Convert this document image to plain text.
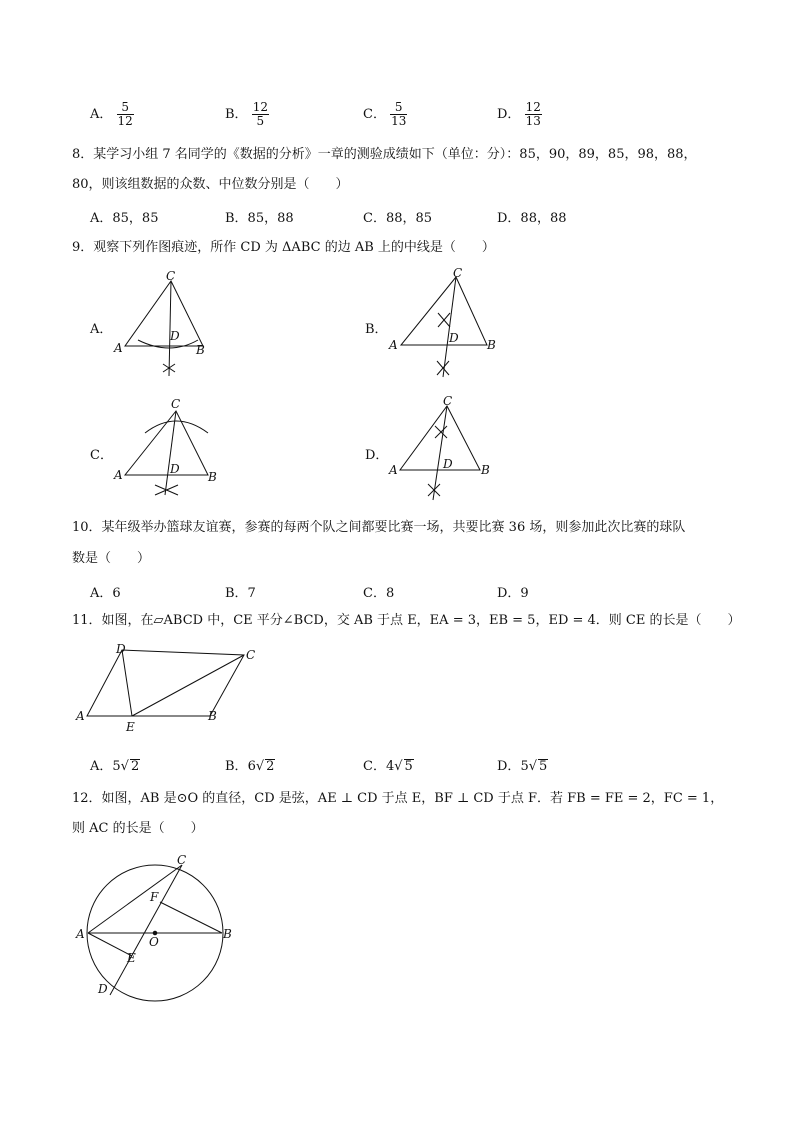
A． $\frac{5}{12}$	B． $\frac{12}{5}$	C． $\frac{5}{13}$	D． $\frac{12}{13}$
8．某学习小组 7 名同学的《数据的分析》一章的测验成绩如下（单位：分）：85，90，89，85，98，88，
80，则该组数据的众数、中位数分别是（　　）
A．85，85	B．85，88	C．88，85	D．88，88
9．观察下列作图痕迹，所作 CD 为 ΔABC 的边 AB 上的中线是（　　）
A．
A	B
C
D	B．
A	B
C
D
C．
A	B
C
D
D．
A	B
C
D
10．某年级举办篮球友谊赛，参赛的每两个队之间都要比赛一场，共要比赛 36 场，则参加此次比赛的球队
数是（　　）
A．6	B．7	C．8	D．9
11．如图，在▱ABCD 中，CE 平分∠BCD，交 AB 于点 E，EA = 3，EB = 5，ED = 4．则 CE 的长是（　　）
A	B
C
D
E
A．5√ 2	B．6√ 2	C．4√ 5	D．5√ 5
12．如图，AB 是⊙O 的直径，CD 是弦，AE ⊥ CD 于点 E，BF ⊥ CD 于点 F．若 FB = FE = 2，FC = 1，
则 AC 的长是（　　）
A	B
C
D
E
F
O
